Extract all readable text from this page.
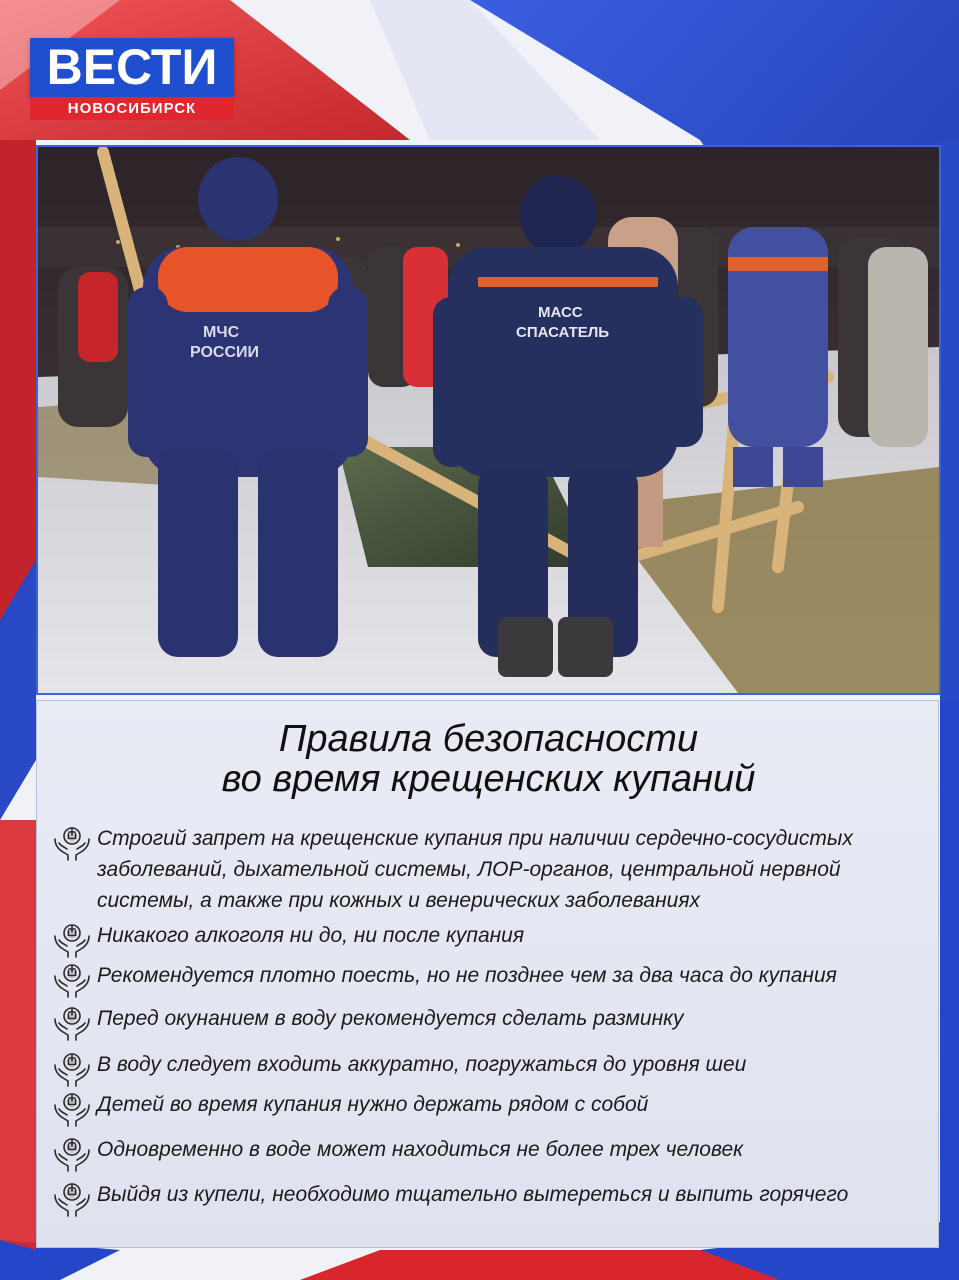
ВЕСТИ
НОВОСИБИРСК
МЧС
РОССИИ
МАСС
СПАСАТЕЛЬ
Правила безопасности
во время крещенских купаний
Строгий запрет на крещенские купания при наличии сердечно-сосудистых заболеваний, дыхательной системы, ЛОР-органов, центральной нервной системы, а также при кожных и венерических заболеваниях
Никакого алкоголя ни до, ни после купания
Рекомендуется плотно поесть, но не позднее чем за два часа до купания
Перед окунанием в воду рекомендуется сделать разминку
В воду следует входить аккуратно, погружаться до уровня шеи
Детей во время купания нужно держать рядом с собой
Одновременно в воде может находиться не более трех человек
Выйдя из купели, необходимо тщательно вытереться и выпить горячего
